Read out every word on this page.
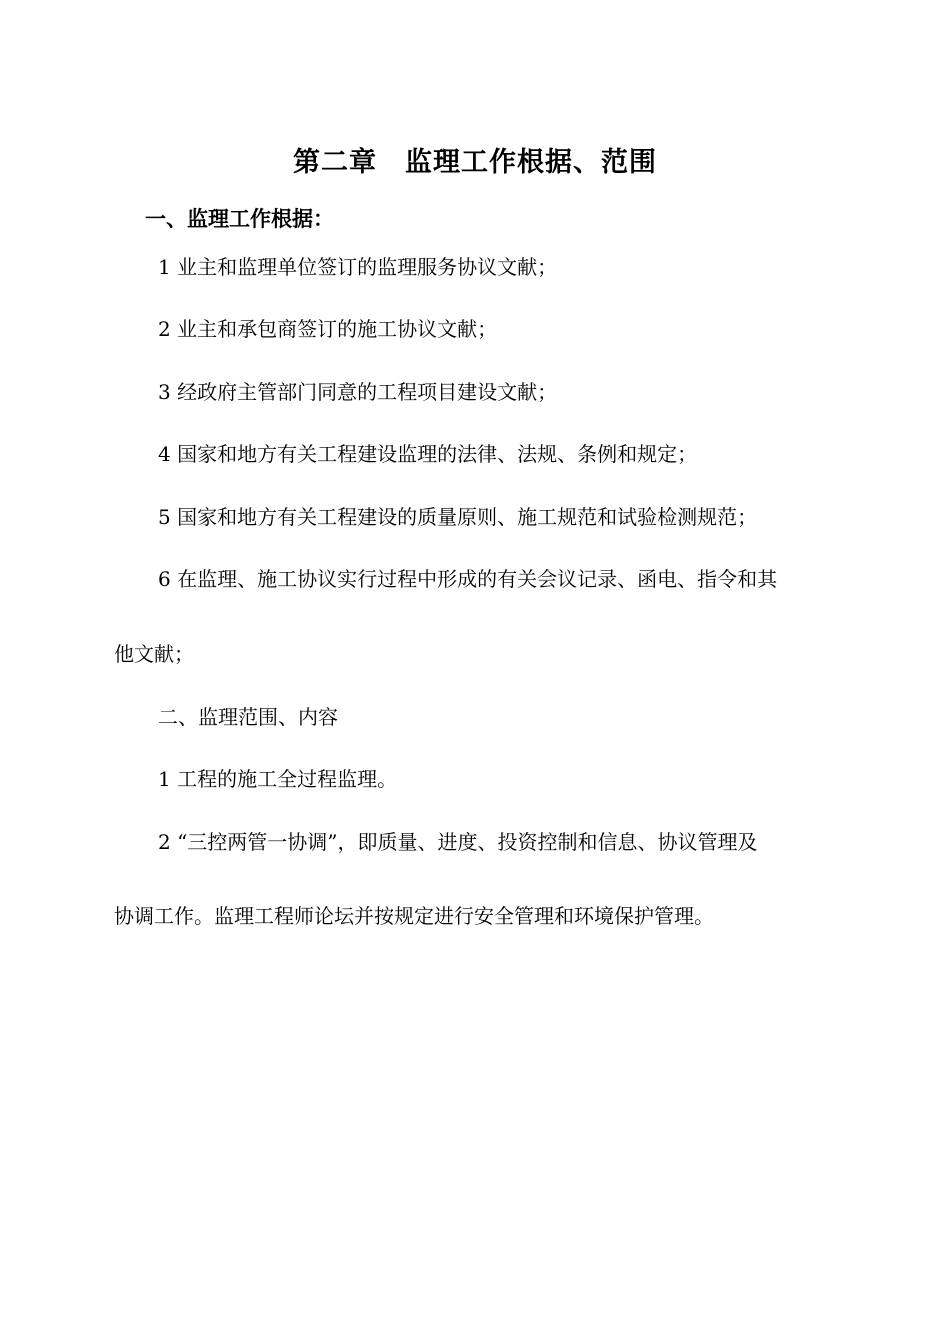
第二章　监理工作根据、范围
一、监理工作根据：
1 业主和监理单位签订的监理服务协议文献；
2 业主和承包商签订的施工协议文献；
3 经政府主管部门同意的工程项目建设文献；
4 国家和地方有关工程建设监理的法律、法规、条例和规定；
5 国家和地方有关工程建设的质量原则、施工规范和试验检测规范；
6 在监理、施工协议实行过程中形成的有关会议记录、函电、指令和其
他文献；
二、监理范围、内容
1 工程的施工全过程监理。
2 “三控两管一协调”，即质量、进度、投资控制和信息、协议管理及
协调工作。监理工程师论坛并按规定进行安全管理和环境保护管理。
